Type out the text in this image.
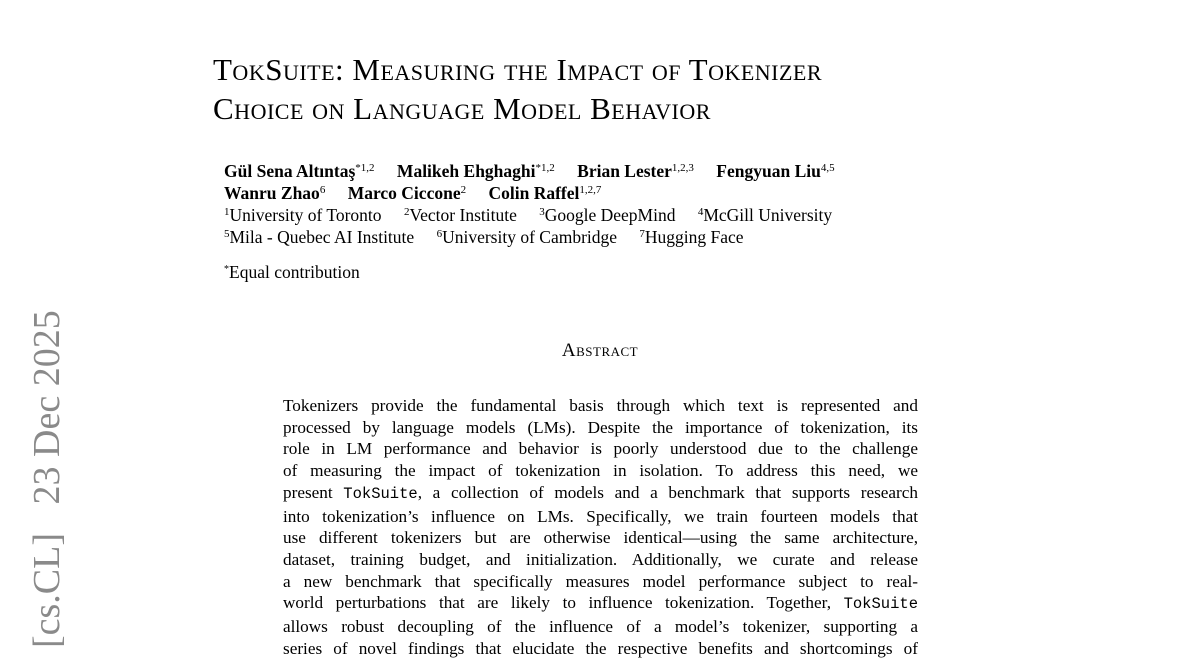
[cs.CL]   23 Dec 2025
TokSuite: Measuring the Impact of Tokenizer
Choice on Language Model Behavior
Gül Sena Altıntaş$^{*1,2}$ Malikeh Ehghaghi$^{*1,2}$ Brian Lester$^{1,2,3}$ Fengyuan Liu$^{4,5}$
Wanru Zhao$^6$ Marco Ciccone$^2$ Colin Raffel$^{1,2,7}$
$^1$University of Toronto $^2$Vector Institute $^3$Google DeepMind $^4$McGill University
$^5$Mila - Quebec AI Institute $^6$University of Cambridge $^7$Hugging Face
*Equal contribution
Abstract
Tokenizers provide the fundamental basis through which text is represented and
processed by language models (LMs). Despite the importance of tokenization, its
role in LM performance and behavior is poorly understood due to the challenge
of measuring the impact of tokenization in isolation. To address this need, we
present TokSuite, a collection of models and a benchmark that supports research
into tokenization’s influence on LMs. Specifically, we train fourteen models that
use different tokenizers but are otherwise identical—using the same architecture,
dataset, training budget, and initialization. Additionally, we curate and release
a new benchmark that specifically measures model performance subject to real-
world perturbations that are likely to influence tokenization. Together, TokSuite
allows robust decoupling of the influence of a model’s tokenizer, supporting a
series of novel findings that elucidate the respective benefits and shortcomings of
